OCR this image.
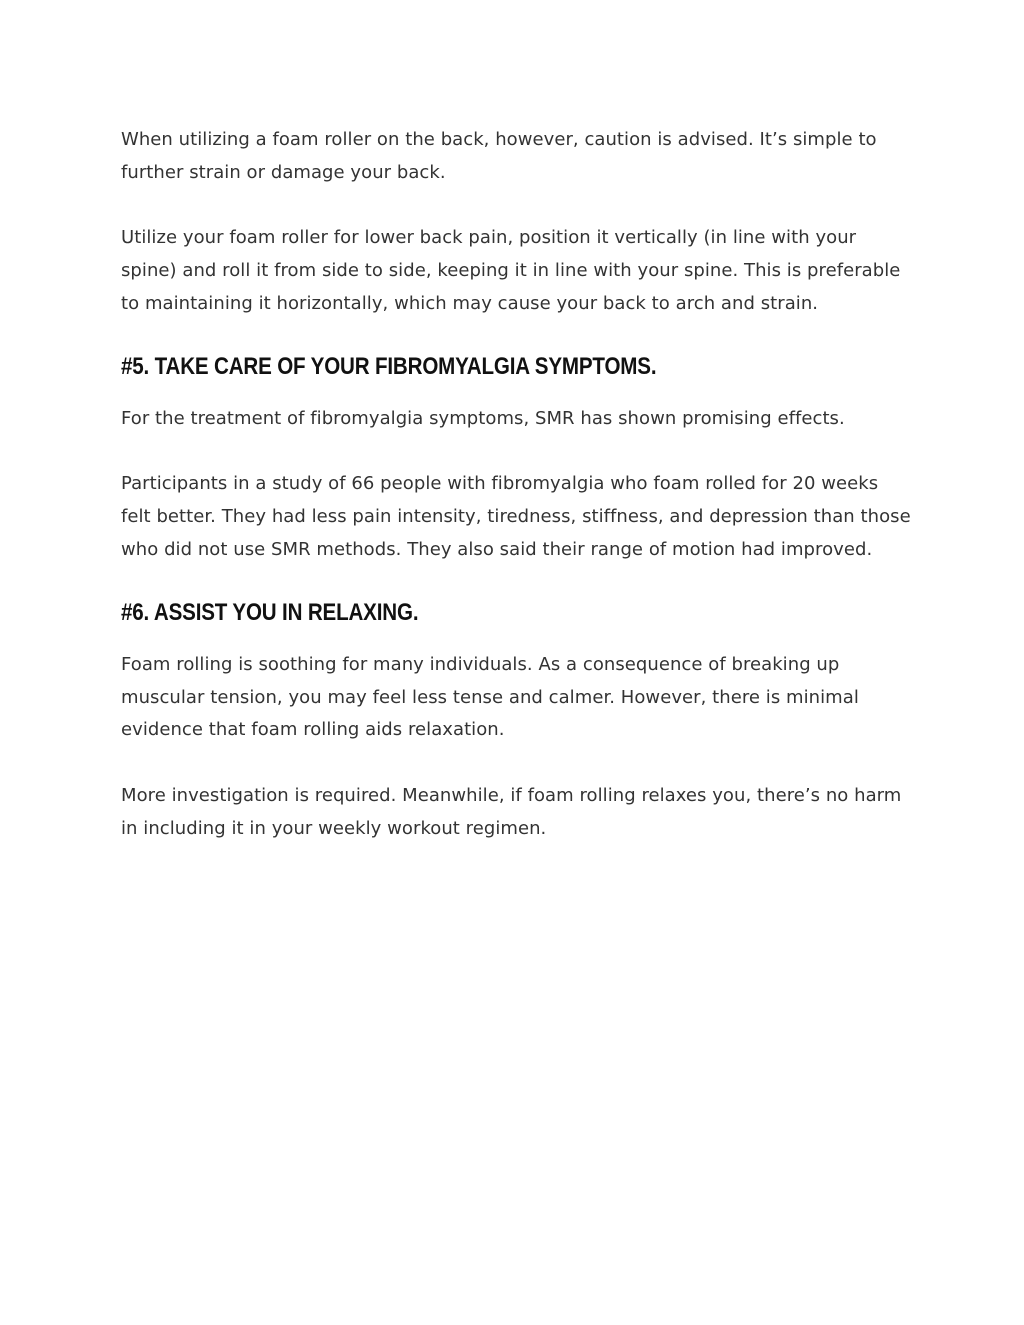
When utilizing a foam roller on the back, however, caution is advised. It’s simple to further strain or damage your back.

Utilize your foam roller for lower back pain, position it vertically (in line with your spine) and roll it from side to side, keeping it in line with your spine. This is preferable to maintaining it horizontally, which may cause your back to arch and strain.

#5. TAKE CARE OF YOUR FIBROMYALGIA SYMPTOMS.

For the treatment of fibromyalgia symptoms, SMR has shown promising effects.

Participants in a study of 66 people with fibromyalgia who foam rolled for 20 weeks felt better. They had less pain intensity, tiredness, stiffness, and depression than those who did not use SMR methods. They also said their range of motion had improved.

#6. ASSIST YOU IN RELAXING.

Foam rolling is soothing for many individuals. As a consequence of breaking up muscular tension, you may feel less tense and calmer. However, there is minimal evidence that foam rolling aids relaxation.

More investigation is required. Meanwhile, if foam rolling relaxes you, there’s no harm in including it in your weekly workout regimen.
